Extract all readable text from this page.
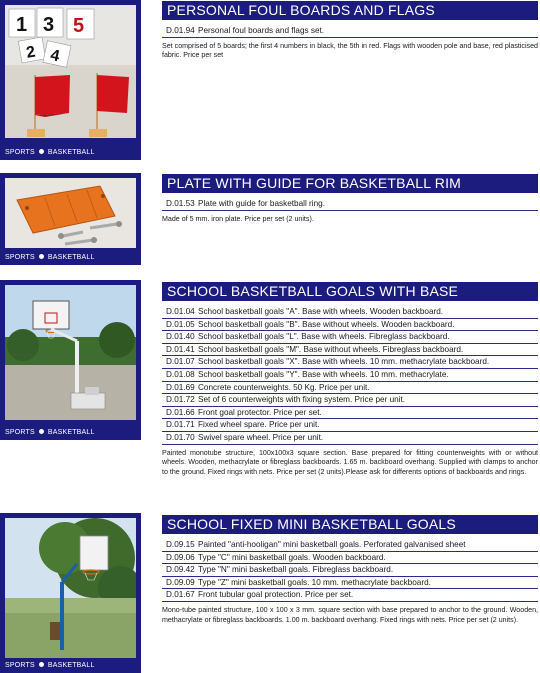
1 3 5
2 4
SPORTS BASKETBALL
PERSONAL FOUL BOARDS AND FLAGS
D.01.94 Personal foul boards and flags set.

Set comprised of 5 boards; the first 4 numbers in black, the 5th in red. Flags with wooden pole and base, red plasticised fabric. Price per set

SPORTS BASKETBALL
PLATE WITH GUIDE FOR BASKETBALL RIM
D.01.53 Plate with guide for basketball ring.

Made of 5 mm. iron plate. Price per set (2 units).

SPORTS BASKETBALL
SCHOOL BASKETBALL GOALS WITH BASE
D.01.04 School basketball goals "A". Base with wheels. Wooden backboard.
D.01.05 School basketball goals "B". Base without wheels. Wooden backboard.
D.01.40 School basketball goals "L". Base with wheels. Fibreglass backboard.
D.01.41 School basketball goals "M". Base without wheels. Fibreglass backboard.
D.01.07 School basketball goals "X". Base with wheels. 10 mm. methacrylate backboard.
D.01.08 School basketball goals "Y". Base with wheels. 10 mm. methacrylate.
D.01.69 Concrete counterweights. 50 Kg. Price per unit.
D.01.72 Set of 6 counterweights with fixing system. Price per unit.
D.01.66 Front goal protector. Price per set.
D.01.71 Fixed wheel spare. Price per unit.
D.01.70 Swivel spare wheel. Price per unit.

Painted monotube structure, 100x100x3 square section. Base prepared for fitting counterweights with or without wheels. Wooden, methacrylate or fibreglass backboards. 1.65 m. backboard overhang. Supplied with clamps to anchor to the ground. Fixed rings with nets. Price per set (2 units).Please ask for differents options of backboards and rings.

SPORTS BASKETBALL
SCHOOL FIXED MINI BASKETBALL GOALS
D.09.15 Painted "anti-hooligan" mini basketball goals. Perforated galvanised sheet
D.09.06 Type "C" mini basketball goals. Wooden backboard.
D.09.42 Type "N" mini basketball goals. Fibreglass backboard.
D.09.09 Type "Z" mini basketball goals. 10 mm. methacrylate backboard.
D.01.67 Front tubular goal protection. Price per set.

Mono-tube painted structure, 100 x 100 x 3 mm. square section with base prepared to anchor to the ground. Wooden, methacrylate or fibreglass backboards. 1.00 m. backboard overhang. Fixed rings with nets. Price per set (2 units).
